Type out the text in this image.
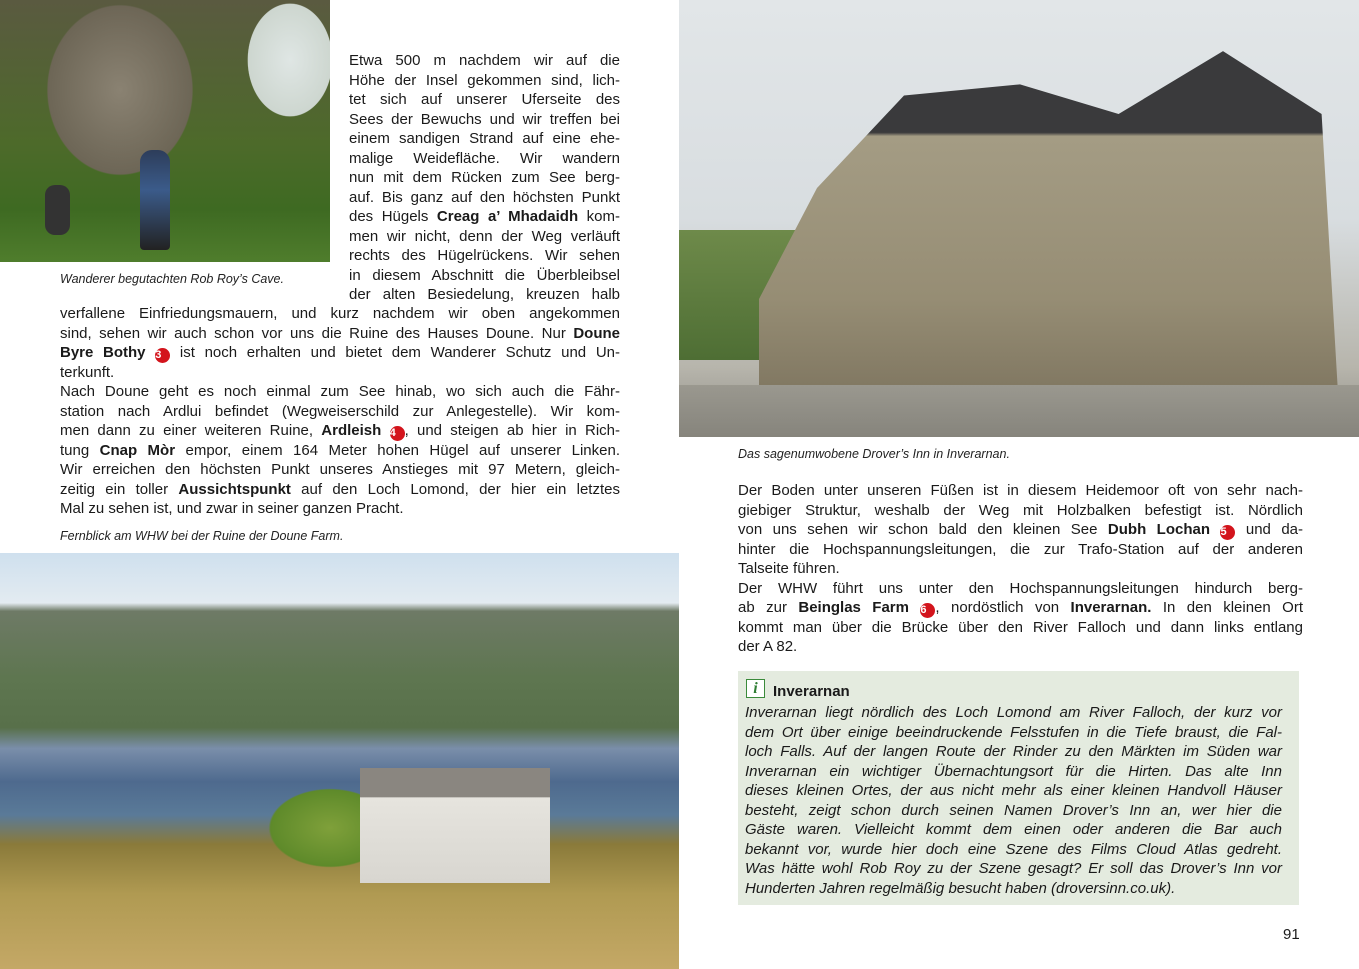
Wanderer begutachten Rob Roy’s Cave.
Etwa 500 m nachdem wir auf die
Höhe der Insel gekommen sind, lich-
tet sich auf unserer Uferseite des
Sees der Bewuchs und wir treffen bei
einem sandigen Strand auf eine ehe-
malige Weidefläche. Wir wandern
nun mit dem Rücken zum See berg-
auf. Bis ganz auf den höchsten Punkt
des Hügels Creag a’ Mhadaidh kom-
men wir nicht, denn der Weg verläuft
rechts des Hügelrückens. Wir sehen
in diesem Abschnitt die Überbleibsel
der alten Besiedelung, kreuzen halb
verfallene Einfriedungsmauern, und kurz nachdem wir oben angekommen
sind, sehen wir auch schon vor uns die Ruine des Hauses Doune. Nur Doune
Byre Bothy 3 ist noch erhalten und bietet dem Wanderer Schutz und Un-
terkunft.
Nach Doune geht es noch einmal zum See hinab, wo sich auch die Fähr-
station nach Ardlui befindet (Wegweiserschild zur Anlegestelle). Wir kom-
men dann zu einer weiteren Ruine, Ardleish 4 , und steigen ab hier in Rich-
tung Cnap Mòr empor, einem 164 Meter hohen Hügel auf unserer Linken.
Wir erreichen den höchsten Punkt unseres Anstieges mit 97 Metern, gleich-
zeitig ein toller Aussichtspunkt auf den Loch Lomond, der hier ein letztes
Mal zu sehen ist, und zwar in seiner ganzen Pracht.
Fernblick am WHW bei der Ruine der Doune Farm.
Das sagenumwobene Drover’s Inn in Inverarnan.
Der Boden unter unseren Füßen ist in diesem Heidemoor oft von sehr nach-
giebiger Struktur, weshalb der Weg mit Holzbalken befestigt ist. Nördlich
von uns sehen wir schon bald den kleinen See Dubh Lochan 5 und da-
hinter die Hochspannungsleitungen, die zur Trafo-Station auf der anderen
Talseite führen.
Der WHW führt uns unter den Hochspannungsleitungen hindurch berg-
ab zur Beinglas Farm 6 , nordöstlich von Inverarnan. In den kleinen Ort
kommt man über die Brücke über den River Falloch und dann links entlang
der A 82.
i	Inverarnan
Inverarnan liegt nördlich des Loch Lomond am River Falloch, der kurz vor
dem Ort über einige beeindruckende Felsstufen in die Tiefe braust, die Fal-
loch Falls. Auf der langen Route der Rinder zu den Märkten im Süden war
Inverarnan ein wichtiger Übernachtungsort für die Hirten. Das alte Inn
dieses kleinen Ortes, der aus nicht mehr als einer kleinen Handvoll Häuser
besteht, zeigt schon durch seinen Namen Drover’s Inn an, wer hier die
Gäste waren. Vielleicht kommt dem einen oder anderen die Bar auch
bekannt vor, wurde hier doch eine Szene des Films Cloud Atlas gedreht.
Was hätte wohl Rob Roy zu der Szene gesagt? Er soll das Drover’s Inn vor
Hunderten Jahren regelmäßig besucht haben (droversinn.co.uk).
91
